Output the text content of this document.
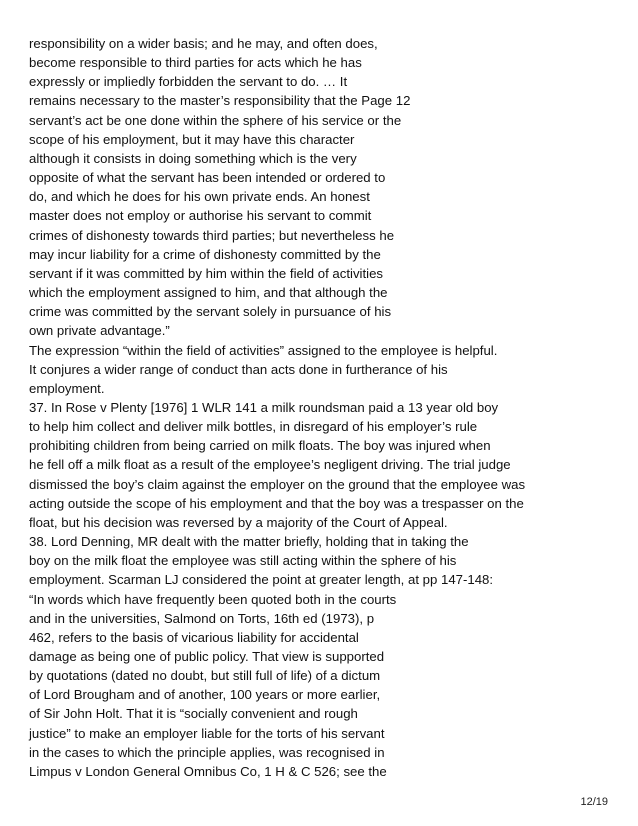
responsibility on a wider basis; and he may, and often does,

become responsible to third parties for acts which he has

expressly or impliedly forbidden the servant to do. … It

remains necessary to the master’s responsibility that the Page 12

servant’s act be one done within the sphere of his service or the

scope of his employment, but it may have this character

although it consists in doing something which is the very

opposite of what the servant has been intended or ordered to

do, and which he does for his own private ends. An honest

master does not employ or authorise his servant to commit

crimes of dishonesty towards third parties; but nevertheless he

may incur liability for a crime of dishonesty committed by the

servant if it was committed by him within the field of activities

which the employment assigned to him, and that although the

crime was committed by the servant solely in pursuance of his

own private advantage.”

The expression “within the field of activities” assigned to the employee is helpful.

It conjures a wider range of conduct than acts done in furtherance of his

employment.

37. In Rose v Plenty [1976] 1 WLR 141 a milk roundsman paid a 13 year old boy

to help him collect and deliver milk bottles, in disregard of his employer’s rule

prohibiting children from being carried on milk floats. The boy was injured when

he fell off a milk float as a result of the employee’s negligent driving. The trial judge

dismissed the boy’s claim against the employer on the ground that the employee was

acting outside the scope of his employment and that the boy was a trespasser on the

float, but his decision was reversed by a majority of the Court of Appeal.

38. Lord Denning, MR dealt with the matter briefly, holding that in taking the

boy on the milk float the employee was still acting within the sphere of his

employment. Scarman LJ considered the point at greater length, at pp 147-148:

“In words which have frequently been quoted both in the courts

and in the universities, Salmond on Torts, 16th ed (1973), p

462, refers to the basis of vicarious liability for accidental

damage as being one of public policy. That view is supported

by quotations (dated no doubt, but still full of life) of a dictum

of Lord Brougham and of another, 100 years or more earlier,

of Sir John Holt. That it is “socially convenient and rough

justice” to make an employer liable for the torts of his servant

in the cases to which the principle applies, was recognised in

Limpus v London General Omnibus Co, 1 H & C 526; see the

12/19
